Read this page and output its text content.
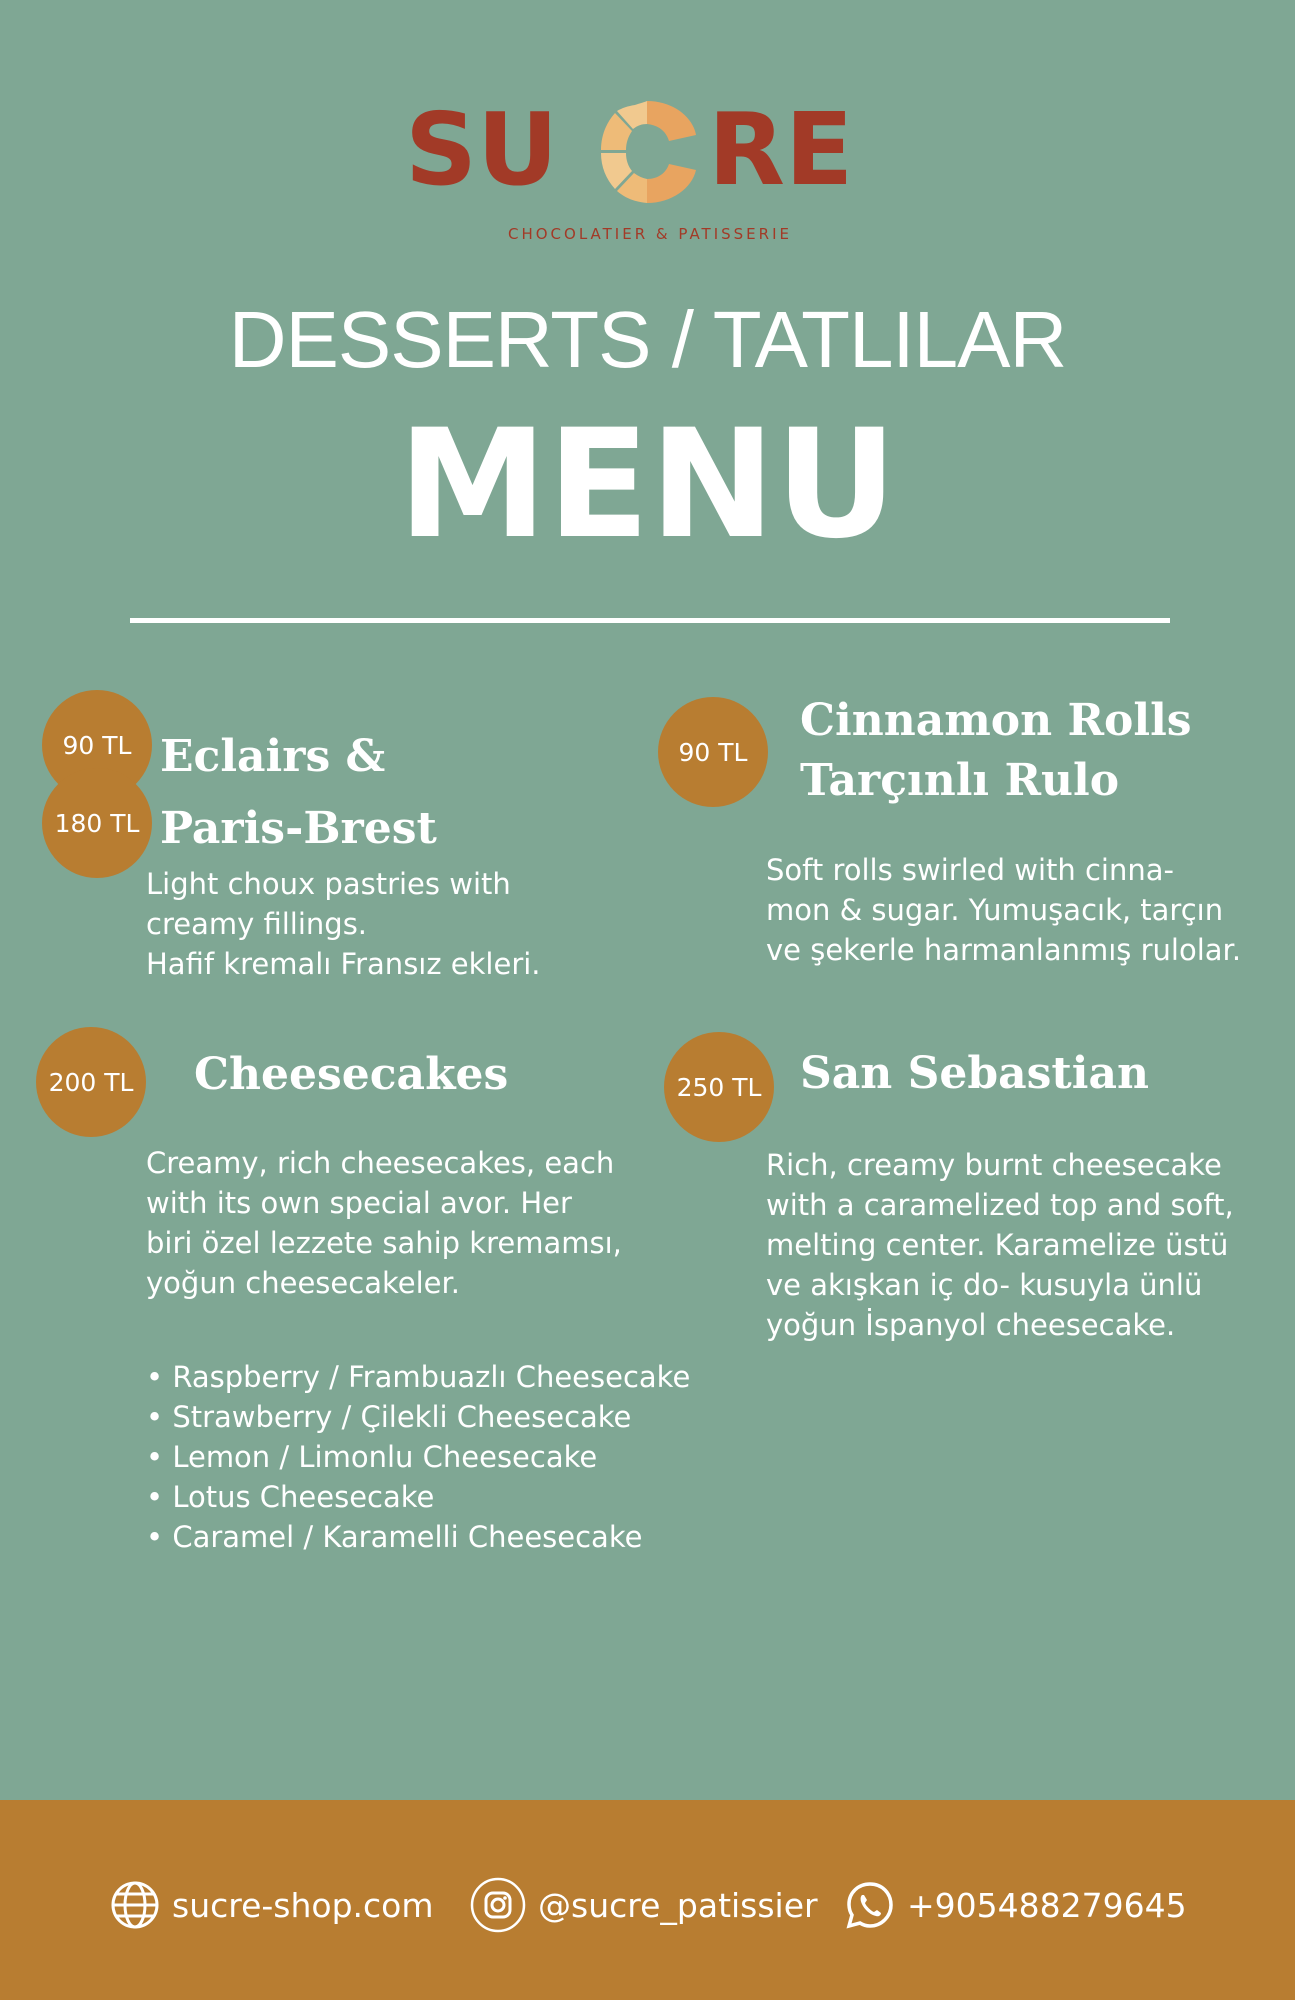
SU RE
CHOCOLATIER & PATISSERIE
DESSERTS / TATLILAR
MENU
90 TL
180 TL
Eclairs &
Paris-Brest
Light choux pastries with
creamy fillings.
Hafif kremalı Fransız ekleri.
90 TL
Cinnamon Rolls
Tarçınlı Rulo
Soft rolls swirled with cinna-
mon & sugar. Yumuşacık, tarçın
ve şekerle harmanlanmış rulolar.
200 TL Cheesecakes
Creamy, rich cheesecakes, each
with its own special avor. Her
biri özel lezzete sahip kremamsı,
yoğun cheesecakeler.
• Raspberry / Frambuazlı Cheesecake
• Strawberry / Çilekli Cheesecake
• Lemon / Limonlu Cheesecake
• Lotus Cheesecake
• Caramel / Karamelli Cheesecake
250 TL San Sebastian
Rich, creamy burnt cheesecake
with a caramelized top and soft,
melting center. Karamelize üstü
ve akışkan iç do- kusuyla ünlü
yoğun İspanyol cheesecake.
sucre-shop.com	@sucre_patissier	+905488279645
